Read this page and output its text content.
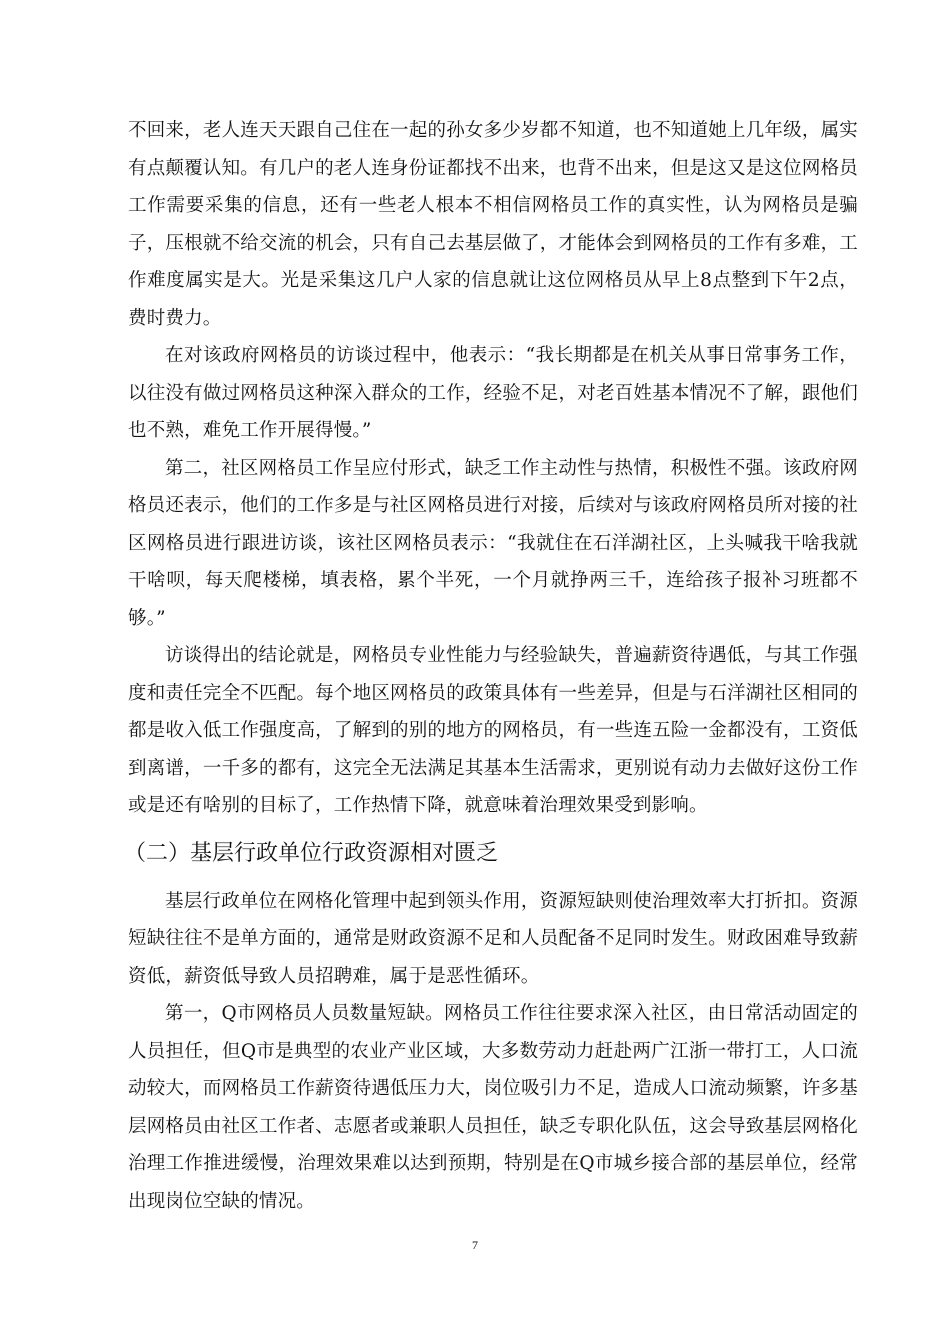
不回来，老人连天天跟自己住在一起的孙女多少岁都不知道，也不知道她上几年级，属实有点颠覆认知。有几户的老人连身份证都找不出来，也背不出来，但是这又是这位网格员工作需要采集的信息，还有一些老人根本不相信网格员工作的真实性，认为网格员是骗子，压根就不给交流的机会，只有自己去基层做了，才能体会到网格员的工作有多难，工作难度属实是大。光是采集这几户人家的信息就让这位网格员从早上8点整到下午2点，费时费力。

在对该政府网格员的访谈过程中，他表示：“我长期都是在机关从事日常事务工作，以往没有做过网格员这种深入群众的工作，经验不足，对老百姓基本情况不了解，跟他们也不熟，难免工作开展得慢。”

第二，社区网格员工作呈应付形式，缺乏工作主动性与热情，积极性不强。该政府网格员还表示，他们的工作多是与社区网格员进行对接，后续对与该政府网格员所对接的社区网格员进行跟进访谈，该社区网格员表示：“我就住在石洋湖社区，上头喊我干啥我就干啥呗，每天爬楼梯，填表格，累个半死，一个月就挣两三千，连给孩子报补习班都不够。”

访谈得出的结论就是，网格员专业性能力与经验缺失，普遍薪资待遇低，与其工作强度和责任完全不匹配。每个地区网格员的政策具体有一些差异，但是与石洋湖社区相同的都是收入低工作强度高，了解到的别的地方的网格员，有一些连五险一金都没有，工资低到离谱，一千多的都有，这完全无法满足其基本生活需求，更别说有动力去做好这份工作或是还有啥别的目标了，工作热情下降，就意味着治理效果受到影响。

（二）基层行政单位行政资源相对匮乏

基层行政单位在网格化管理中起到领头作用，资源短缺则使治理效率大打折扣。资源短缺往往不是单方面的，通常是财政资源不足和人员配备不足同时发生。财政困难导致薪资低，薪资低导致人员招聘难，属于是恶性循环。

第一，Q市网格员人员数量短缺。网格员工作往往要求深入社区，由日常活动固定的人员担任，但Q市是典型的农业产业区域，大多数劳动力赶赴两广江浙一带打工，人口流动较大，而网格员工作薪资待遇低压力大，岗位吸引力不足，造成人口流动频繁，许多基层网格员由社区工作者、志愿者或兼职人员担任，缺乏专职化队伍，这会导致基层网格化治理工作推进缓慢，治理效果难以达到预期，特别是在Q市城乡接合部的基层单位，经常出现岗位空缺的情况。

7
